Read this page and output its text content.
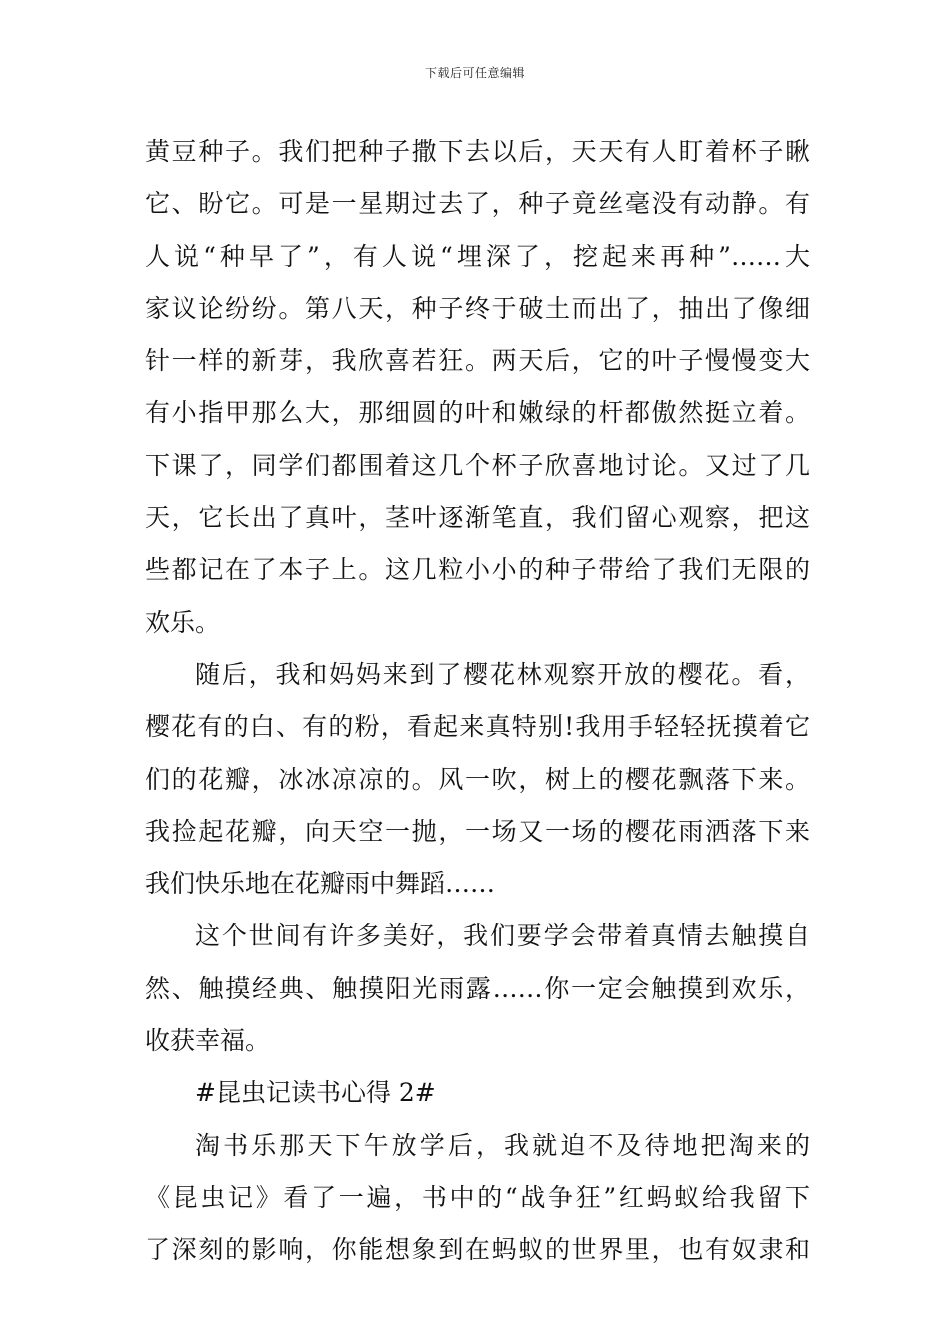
下载后可任意编辑
黄豆种子。我们把种子撒下去以后，天天有人盯着杯子瞅
它、盼它。可是一星期过去了，种子竟丝毫没有动静。有
人说“种早了”，有人说“埋深了，挖起来再种”……大
家议论纷纷。第八天，种子终于破土而出了，抽出了像细
针一样的新芽，我欣喜若狂。两天后，它的叶子慢慢变大
有小指甲那么大，那细圆的叶和嫩绿的杆都傲然挺立着。
下课了，同学们都围着这几个杯子欣喜地讨论。又过了几
天，它长出了真叶，茎叶逐渐笔直，我们留心观察，把这
些都记在了本子上。这几粒小小的种子带给了我们无限的
欢乐。
随后，我和妈妈来到了樱花林观察开放的樱花。看，
樱花有的白、有的粉，看起来真特别!我用手轻轻抚摸着它
们的花瓣，冰冰凉凉的。风一吹，树上的樱花飘落下来。
我捡起花瓣，向天空一抛，一场又一场的樱花雨洒落下来
我们快乐地在花瓣雨中舞蹈……
这个世间有许多美好，我们要学会带着真情去触摸自
然、触摸经典、触摸阳光雨露……你一定会触摸到欢乐，
收获幸福。
#昆虫记读书心得 2#
淘书乐那天下午放学后，我就迫不及待地把淘来的
《昆虫记》看了一遍，书中的“战争狂”红蚂蚁给我留下
了深刻的影响，你能想象到在蚂蚁的世界里，也有奴隶和
